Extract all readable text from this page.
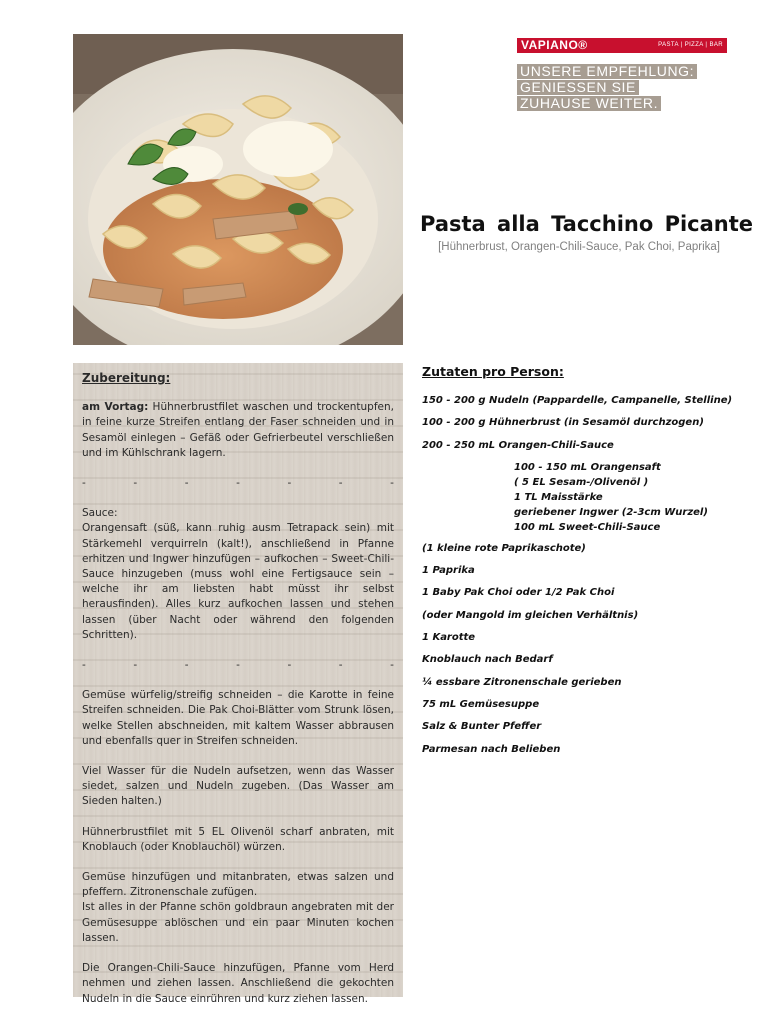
VAPIANO®	PASTA | PIZZA | BAR
UNSERE EMPFEHLUNG:
GENIESSEN SIE
ZUHAUSE WEITER.
Pasta alla Tacchino Picante
[Hühnerbrust, Orangen-Chili-Sauce, Pak Choi, Paprika]
Zubereitung:

am Vortag: Hühnerbrustfilet waschen und trockentupfen, in feine kurze Streifen entlang der Faser schneiden und in Sesamöl einlegen – Gefäß oder Gefrierbeutel verschließen und im Kühlschrank lagern.

-	-	-	-	-	-	-

Sauce:
Orangensaft (süß, kann ruhig ausm Tetrapack sein) mit Stärkemehl verquirreln (kalt!), anschließend in Pfanne erhitzen und Ingwer hinzufügen – aufkochen – Sweet-Chili-Sauce hinzugeben (muss wohl eine Fertigsauce sein – welche ihr am liebsten habt müsst ihr selbst herausfinden). Alles kurz aufkochen lassen und stehen lassen (über Nacht oder während den folgenden Schritten).

-	-	-	-	-	-	-

Gemüse würfelig/streifig schneiden – die Karotte in feine Streifen schneiden. Die Pak Choi-Blätter vom Strunk lösen, welke Stellen abschneiden, mit kaltem Wasser abbrausen und ebenfalls quer in Streifen schneiden.

Viel Wasser für die Nudeln aufsetzen, wenn das Wasser siedet, salzen und Nudeln zugeben. (Das Wasser am Sieden halten.)

Hühnerbrustfilet mit 5 EL Olivenöl scharf anbraten, mit Knoblauch (oder Knoblauchöl) würzen.

Gemüse hinzufügen und mitanbraten, etwas salzen und pfeffern. Zitronenschale zufügen.
Ist alles in der Pfanne schön goldbraun angebraten mit der Gemüsesuppe ablöschen und ein paar Minuten kochen lassen.

Die Orangen-Chili-Sauce hinzufügen, Pfanne vom Herd nehmen und ziehen lassen. Anschließend die gekochten Nudeln in die Sauce einrühren und kurz ziehen lassen.

Zutaten pro Person:
150 - 200 g Nudeln (Pappardelle, Campanelle, Stelline)
100 - 200 g Hühnerbrust (in Sesamöl durchzogen)
200 - 250 mL Orangen-Chili-Sauce
100 - 150 mL Orangensaft
( 5 EL Sesam-/Olivenöl )
1 TL Maisstärke
geriebener Ingwer (2-3cm Wurzel)
100 mL Sweet-Chili-Sauce
(1 kleine rote Paprikaschote)
1 Paprika
1 Baby Pak Choi oder 1/2 Pak Choi
(oder Mangold im gleichen Verhältnis)
1 Karotte
Knoblauch nach Bedarf
¼ essbare Zitronenschale gerieben
75 mL Gemüsesuppe
Salz & Bunter Pfeffer
Parmesan nach Belieben
